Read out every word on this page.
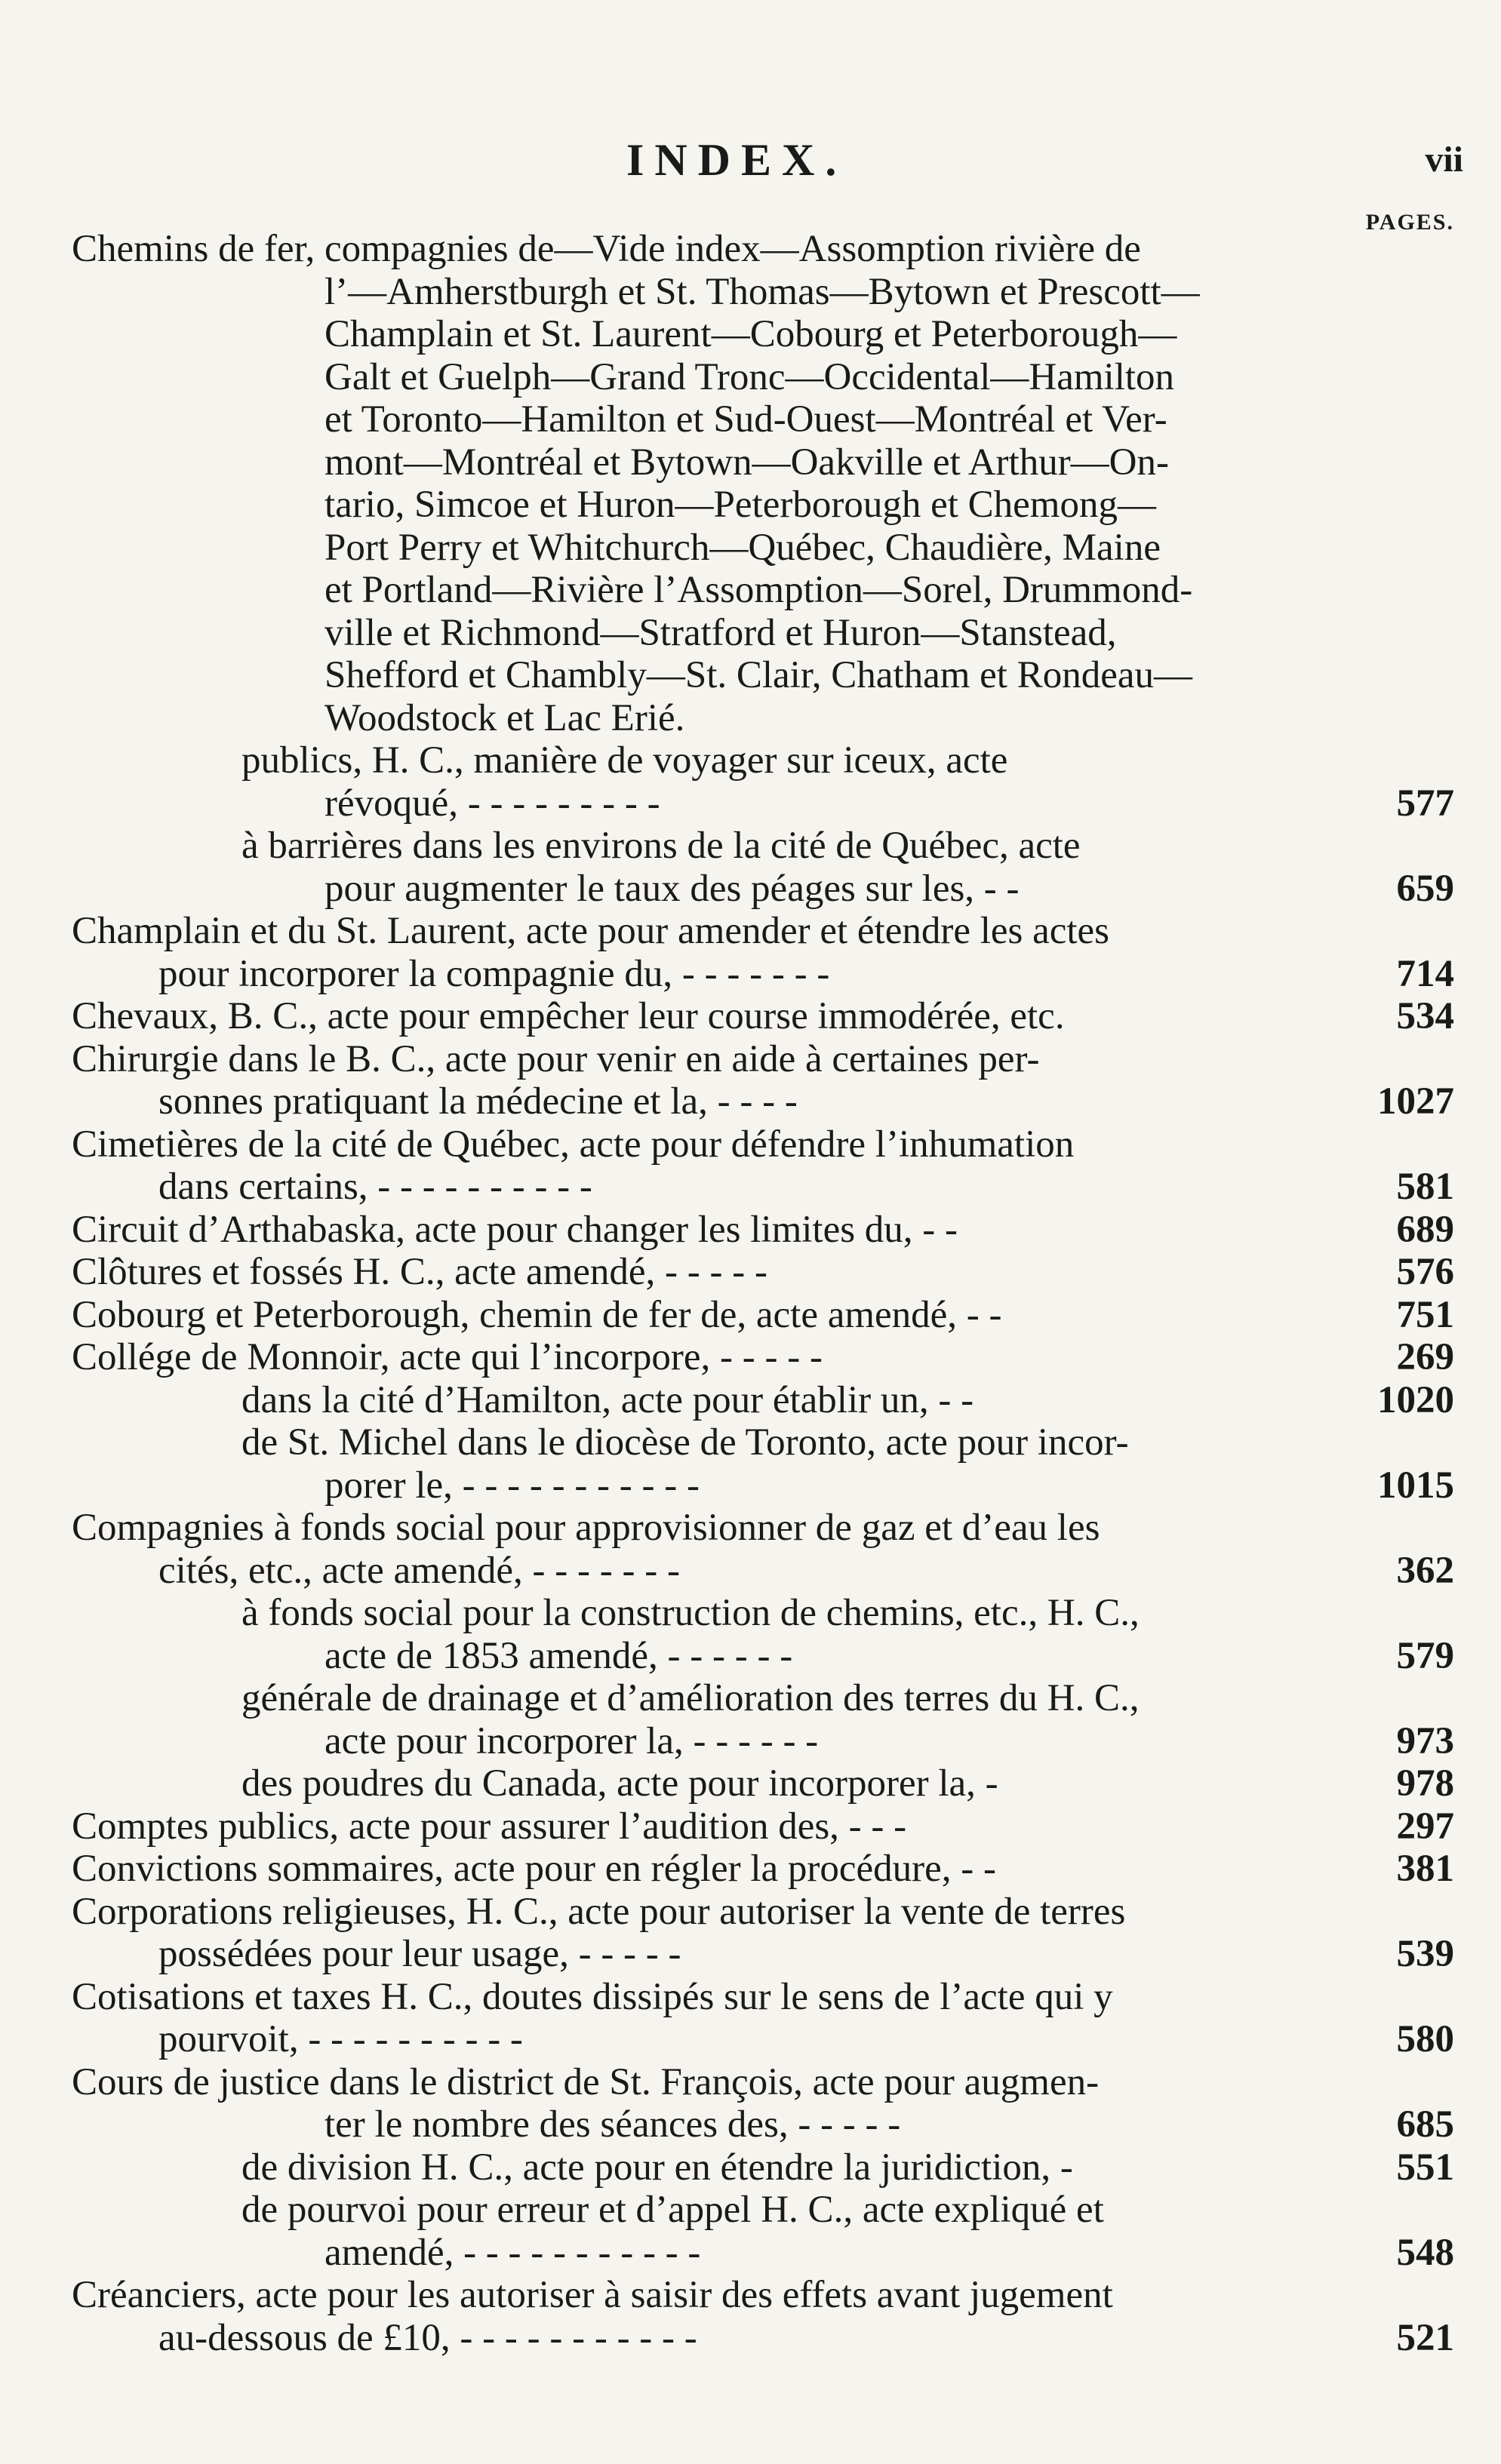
INDEX.	vii
PAGES.
Chemins de fer, compagnies de—Vide index—Assomption rivière de
l’—Amherstburgh et St. Thomas—Bytown et Prescott—
Champlain et St. Laurent—Cobourg et Peterborough—
Galt et Guelph—Grand Tronc—Occidental—Hamilton
et Toronto—Hamilton et Sud-Ouest—Montréal et Ver-
mont—Montréal et Bytown—Oakville et Arthur—On-
tario, Simcoe et Huron—Peterborough et Chemong—
Port Perry et Whitchurch—Québec, Chaudière, Maine
et Portland—Rivière l’Assomption—Sorel, Drummond-
ville et Richmond—Stratford et Huron—Stanstead,
Shefford et Chambly—St. Clair, Chatham et Rondeau—
Woodstock et Lac Erié.
publics, H. C., manière de voyager sur iceux, acte
révoqué, - - - - - - - - -	577
à barrières dans les environs de la cité de Québec, acte
pour augmenter le taux des péages sur les, - -	659
Champlain et du St. Laurent, acte pour amender et étendre les actes
pour incorporer la compagnie du, - - - - - - -	714
Chevaux, B. C., acte pour empêcher leur course immodérée, etc.	534
Chirurgie dans le B. C., acte pour venir en aide à certaines per-
sonnes pratiquant la médecine et la, - - - -	1027
Cimetières de la cité de Québec, acte pour défendre l’inhumation
dans certains, - - - - - - - - - -	581
Circuit d’Arthabaska, acte pour changer les limites du, - -	689
Clôtures et fossés H. C., acte amendé, - - - - -	576
Cobourg et Peterborough, chemin de fer de, acte amendé, - -	751
Collége de Monnoir, acte qui l’incorpore, - - - - -	269
dans la cité d’Hamilton, acte pour établir un, - -	1020
de St. Michel dans le diocèse de Toronto, acte pour incor-
porer le, - - - - - - - - - - -	1015
Compagnies à fonds social pour approvisionner de gaz et d’eau les
cités, etc., acte amendé, - - - - - - -	362
à fonds social pour la construction de chemins, etc., H. C.,
acte de 1853 amendé, - - - - - -	579
générale de drainage et d’amélioration des terres du H. C.,
acte pour incorporer la, - - - - - -	973
des poudres du Canada, acte pour incorporer la, -	978
Comptes publics, acte pour assurer l’audition des, - - -	297
Convictions sommaires, acte pour en régler la procédure, - -	381
Corporations religieuses, H. C., acte pour autoriser la vente de terres
possédées pour leur usage, - - - - -	539
Cotisations et taxes H. C., doutes dissipés sur le sens de l’acte qui y
pourvoit, - - - - - - - - - -	580
Cours de justice dans le district de St. François, acte pour augmen-
ter le nombre des séances des, - - - - -	685
de division H. C., acte pour en étendre la juridiction, -	551
de pourvoi pour erreur et d’appel H. C., acte expliqué et
amendé, - - - - - - - - - - -	548
Créanciers, acte pour les autoriser à saisir des effets avant jugement
au-dessous de £10, - - - - - - - - - - -	521
